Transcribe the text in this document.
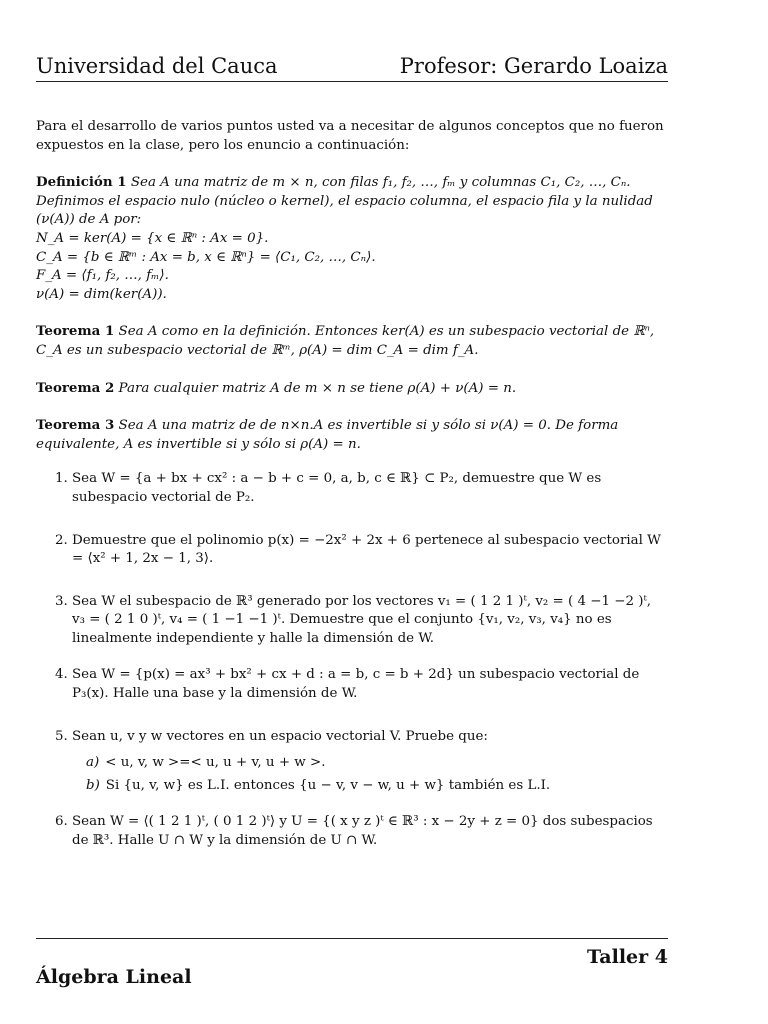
Universidad del Cauca	Profesor: Gerardo Loaiza

Para el desarrollo de varios puntos usted va a necesitar de algunos conceptos que no fueron expuestos en la clase, pero los enuncio a continuación:

Definición 1 Sea A una matriz de m × n, con filas f₁, f₂, …, fₘ y columnas C₁, C₂, …, Cₙ. Definimos el espacio nulo (núcleo o kernel), el espacio columna, el espacio fila y la nulidad (ν(A)) de A por:
N_A = ker(A) = {x ∈ ℝⁿ : Ax = 0}.
C_A = {b ∈ ℝᵐ : Ax = b, x ∈ ℝⁿ} = ⟨C₁, C₂, …, Cₙ⟩.
F_A = ⟨f₁, f₂, …, fₘ⟩.
ν(A) = dim(ker(A)).
Teorema 1 Sea A como en la definición. Entonces ker(A) es un subespacio vectorial de ℝⁿ, C_A es un subespacio vectorial de ℝᵐ, ρ(A) = dim C_A = dim f_A.
Teorema 2 Para cualquier matriz A de m × n se tiene ρ(A) + ν(A) = n.
Teorema 3 Sea A una matriz de de n×n.A es invertible si y sólo si ν(A) = 0. De forma equivalente, A es invertible si y sólo si ρ(A) = n.
1. Sea W = {a + bx + cx² : a − b + c = 0, a, b, c ∈ ℝ} ⊂ P₂, demuestre que W es subespacio vectorial de P₂.
2. Demuestre que el polinomio p(x) = −2x² + 2x + 6 pertenece al subespacio vectorial W = ⟨x² + 1, 2x − 1, 3⟩.
3. Sea W el subespacio de ℝ³ generado por los vectores v₁ = ( 1 2 1 )ᵗ, v₂ = ( 4 −1 −2 )ᵗ, v₃ = ( 2 1 0 )ᵗ, v₄ = ( 1 −1 −1 )ᵗ. Demuestre que el conjunto {v₁, v₂, v₃, v₄} no es linealmente independiente y halle la dimensión de W.
4. Sea W = {p(x) = ax³ + bx² + cx + d : a = b, c = b + 2d} un subespacio vectorial de P₃(x). Halle una base y la dimensión de W.
5. Sean u, v y w vectores en un espacio vectorial V. Pruebe que:
a) < u, v, w >=< u, u + v, u + w >.
b) Si {u, v, w} es L.I. entonces {u − v, v − w, u + w} también es L.I.
6. Sean W = ⟨( 1 2 1 )ᵗ, ( 0 1 2 )ᵗ⟩ y U = {( x y z )ᵗ ∈ ℝ³ : x − 2y + z = 0} dos subespacios de ℝ³. Halle U ∩ W y la dimensión de U ∩ W.
Taller 4
Álgebra Lineal
